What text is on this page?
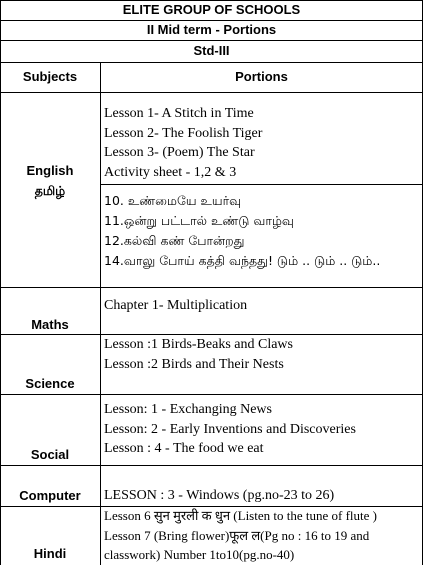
ELITE GROUP OF SCHOOLS
II Mid term - Portions
Std-III
Subjects	Portions
English
Lesson 1- A Stitch in Time
Lesson 2- The Foolish Tiger
Lesson 3- (Poem) The Star
Activity sheet - 1,2 & 3
தமிழ்
10. உண்மையே உயர்வு
11.ஒன்று பட்டால் உண்டு வாழ்வு
12.கல்வி கண் போன்றது
14.வாலு போய் கத்தி வந்தது! டும் .. டும் .. டும்..
Maths
Chapter 1- Multiplication
Science
Lesson :1 Birds-Beaks and Claws
Lesson :2 Birds and Their Nests
Social
Lesson: 1 - Exchanging News
Lesson: 2 - Early Inventions and Discoveries
Lesson : 4 - The food we eat
Computer	LESSON : 3 - Windows (pg.no-23 to 26)
Hindi
Lesson 6 सुन मुरली क धुन (Listen to the tune of flute )
Lesson 7 (Bring flower)फूल ल(Pg no : 16 to 19 and
classwork) Number 1to10(pg.no-40)
